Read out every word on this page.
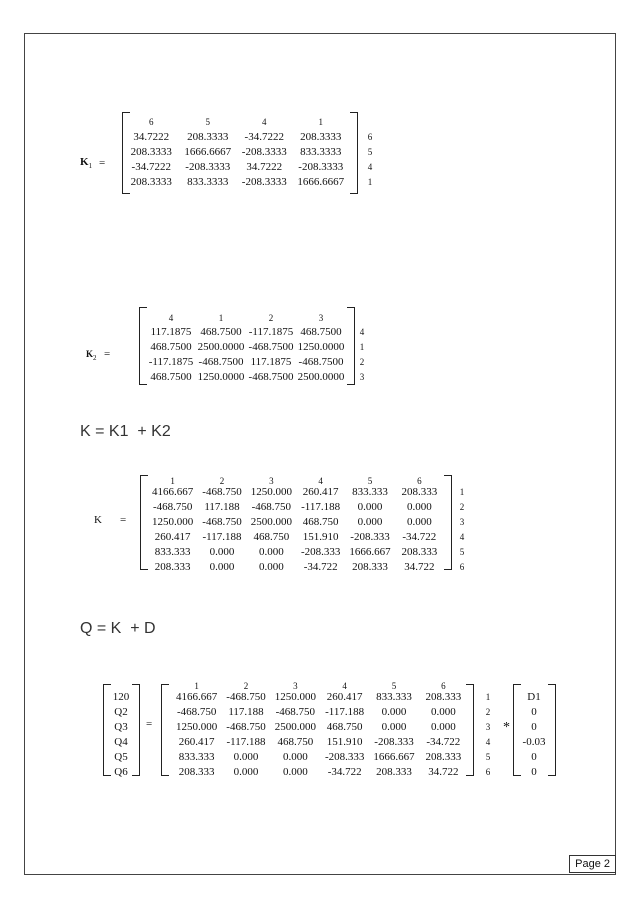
$K_1$ =
6	5	4	1
34.7222 208.3333 -34.7222 208.3333
208.3333 1666.6667 -208.3333 833.3333
-34.7222 -208.3333 34.7222 -208.3333
208.3333 833.3333 -208.3333 1666.6667
6
5
4
1
$K_2$ =
4	1	2	3
117.1875 468.7500 -117.1875 468.7500
468.7500 2500.0000 -468.7500 1250.0000
-117.1875 -468.7500 117.1875 -468.7500
468.7500 1250.0000 -468.7500 2500.0000
4
1
2
3
K = K1  + K2
K =
1	2	3	4	5	6
4166.667 -468.750 1250.000 260.417 833.333 208.333
-468.750 117.188 -468.750 -117.188 0.000 0.000
1250.000 -468.750 2500.000 468.750 0.000 0.000
260.417 -117.188 468.750 151.910 -208.333 -34.722
833.333 0.000 0.000 -208.333 1666.667 208.333
208.333 0.000 0.000 -34.722 208.333 34.722
1
2
3
4
5
6
Q = K  + D
120
Q2
Q3
Q4
Q5
Q6
=
1	2	3	4	5	6
4166.667 -468.750 1250.000 260.417 833.333 208.333
-468.750 117.188 -468.750 -117.188 0.000 0.000
1250.000 -468.750 2500.000 468.750 0.000 0.000
260.417 -117.188 468.750 151.910 -208.333 -34.722
833.333 0.000 0.000 -208.333 1666.667 208.333
208.333 0.000 0.000 -34.722 208.333 34.722
1
2
3
4
5
6
*
D1
0
0
-0.03
0
0
Page 2
